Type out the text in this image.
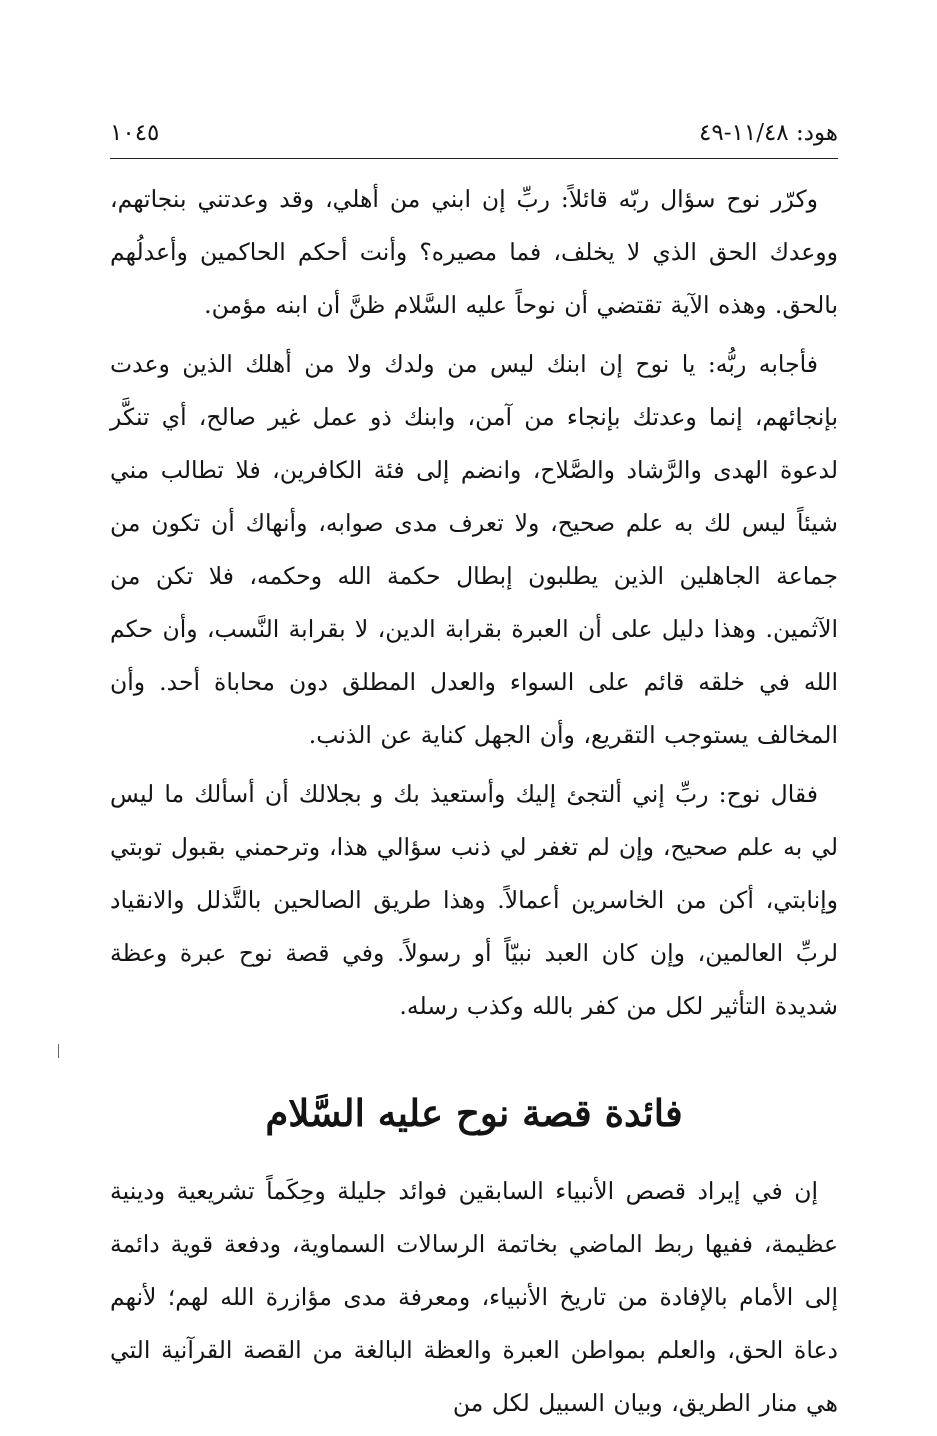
هود: ١١/٤٨-٤٩
١٠٤٥

وكرّر نوح سؤال ربّه قائلاً: ربِّ إن ابني من أهلي، وقد وعدتني بنجاتهم، ووعدك الحق الذي لا يخلف، فما مصيره؟ وأنت أحكم الحاكمين وأعدلُهم بالحق. وهذه الآية تقتضي أن نوحاً عليه السَّلام ظنَّ أن ابنه مؤمن.

فأجابه ربُّه: يا نوح إن ابنك ليس من ولدك ولا من أهلك الذين وعدت بإنجائهم، إنما وعدتك بإنجاء من آمن، وابنك ذو عمل غير صالح، أي تنكَّر لدعوة الهدى والرَّشاد والصَّلاح، وانضم إلى فئة الكافرين، فلا تطالب مني شيئاً ليس لك به علم صحيح، ولا تعرف مدى صوابه، وأنهاك أن تكون من جماعة الجاهلين الذين يطلبون إبطال حكمة الله وحكمه، فلا تكن من الآثمين. وهذا دليل على أن العبرة بقرابة الدين، لا بقرابة النَّسب، وأن حكم الله في خلقه قائم على السواء والعدل المطلق دون محاباة أحد. وأن المخالف يستوجب التقريع، وأن الجهل كناية عن الذنب.

فقال نوح: ربِّ إني ألتجئ إليك وأستعيذ بك و بجلالك أن أسألك ما ليس لي به علم صحيح، وإن لم تغفر لي ذنب سؤالي هذا، وترحمني بقبول توبتي وإنابتي، أكن من الخاسرين أعمالاً. وهذا طريق الصالحين بالتَّذلل والانقياد لربِّ العالمين، وإن كان العبد نبيّاً أو رسولاً. وفي قصة نوح عبرة وعظة شديدة التأثير لكل من كفر بالله وكذب رسله.

فائدة قصة نوح عليه السَّلام

إن في إيراد قصص الأنبياء السابقين فوائد جليلة وحِكَماً تشريعية ودينية عظيمة، ففيها ربط الماضي بخاتمة الرسالات السماوية، ودفعة قوية دائمة إلى الأمام بالإفادة من تاريخ الأنبياء، ومعرفة مدى مؤازرة الله لهم؛ لأنهم دعاة الحق، والعلم بمواطن العبرة والعظة البالغة من القصة القرآنية التي هي منار الطريق، وبيان السبيل لكل من
